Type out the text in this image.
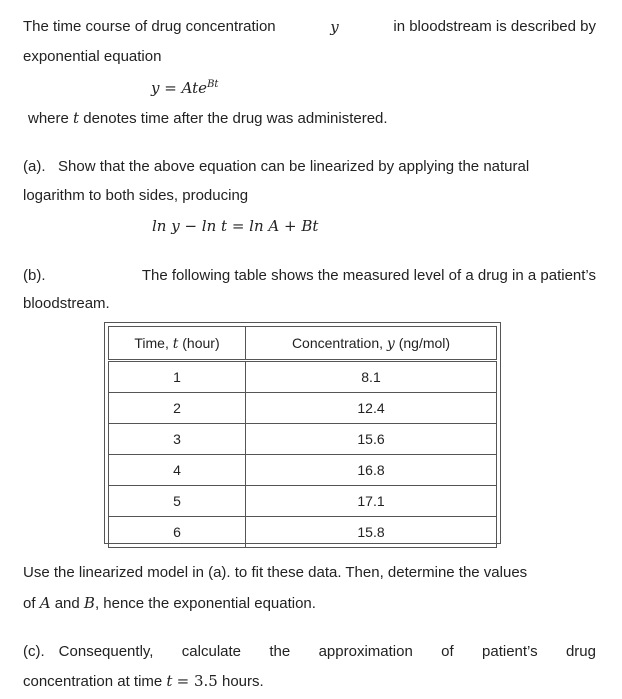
The time course of drug concentration	y	in bloodstream is described by
exponential equation
y = Ate$^{Bt}$
where t denotes time after the drug was administered.
(a). Show that the above equation can be linearized by applying the natural
logarithm to both sides, producing
ln y − ln t = ln A + Bt
(b).	The following table shows the measured level of a drug in a patient’s
bloodstream.
Time, t (hour)	Concentration, y (ng/mol)
1	8.1
2	12.4
3	15.6
4	16.8
5	17.1
6	15.8
Use the linearized model in (a). to fit these data. Then, determine the values
of A and B, hence the exponential equation.
(c). Consequently, calculate the approximation of patient’s drug
concentration at time t = 3.5 hours.
